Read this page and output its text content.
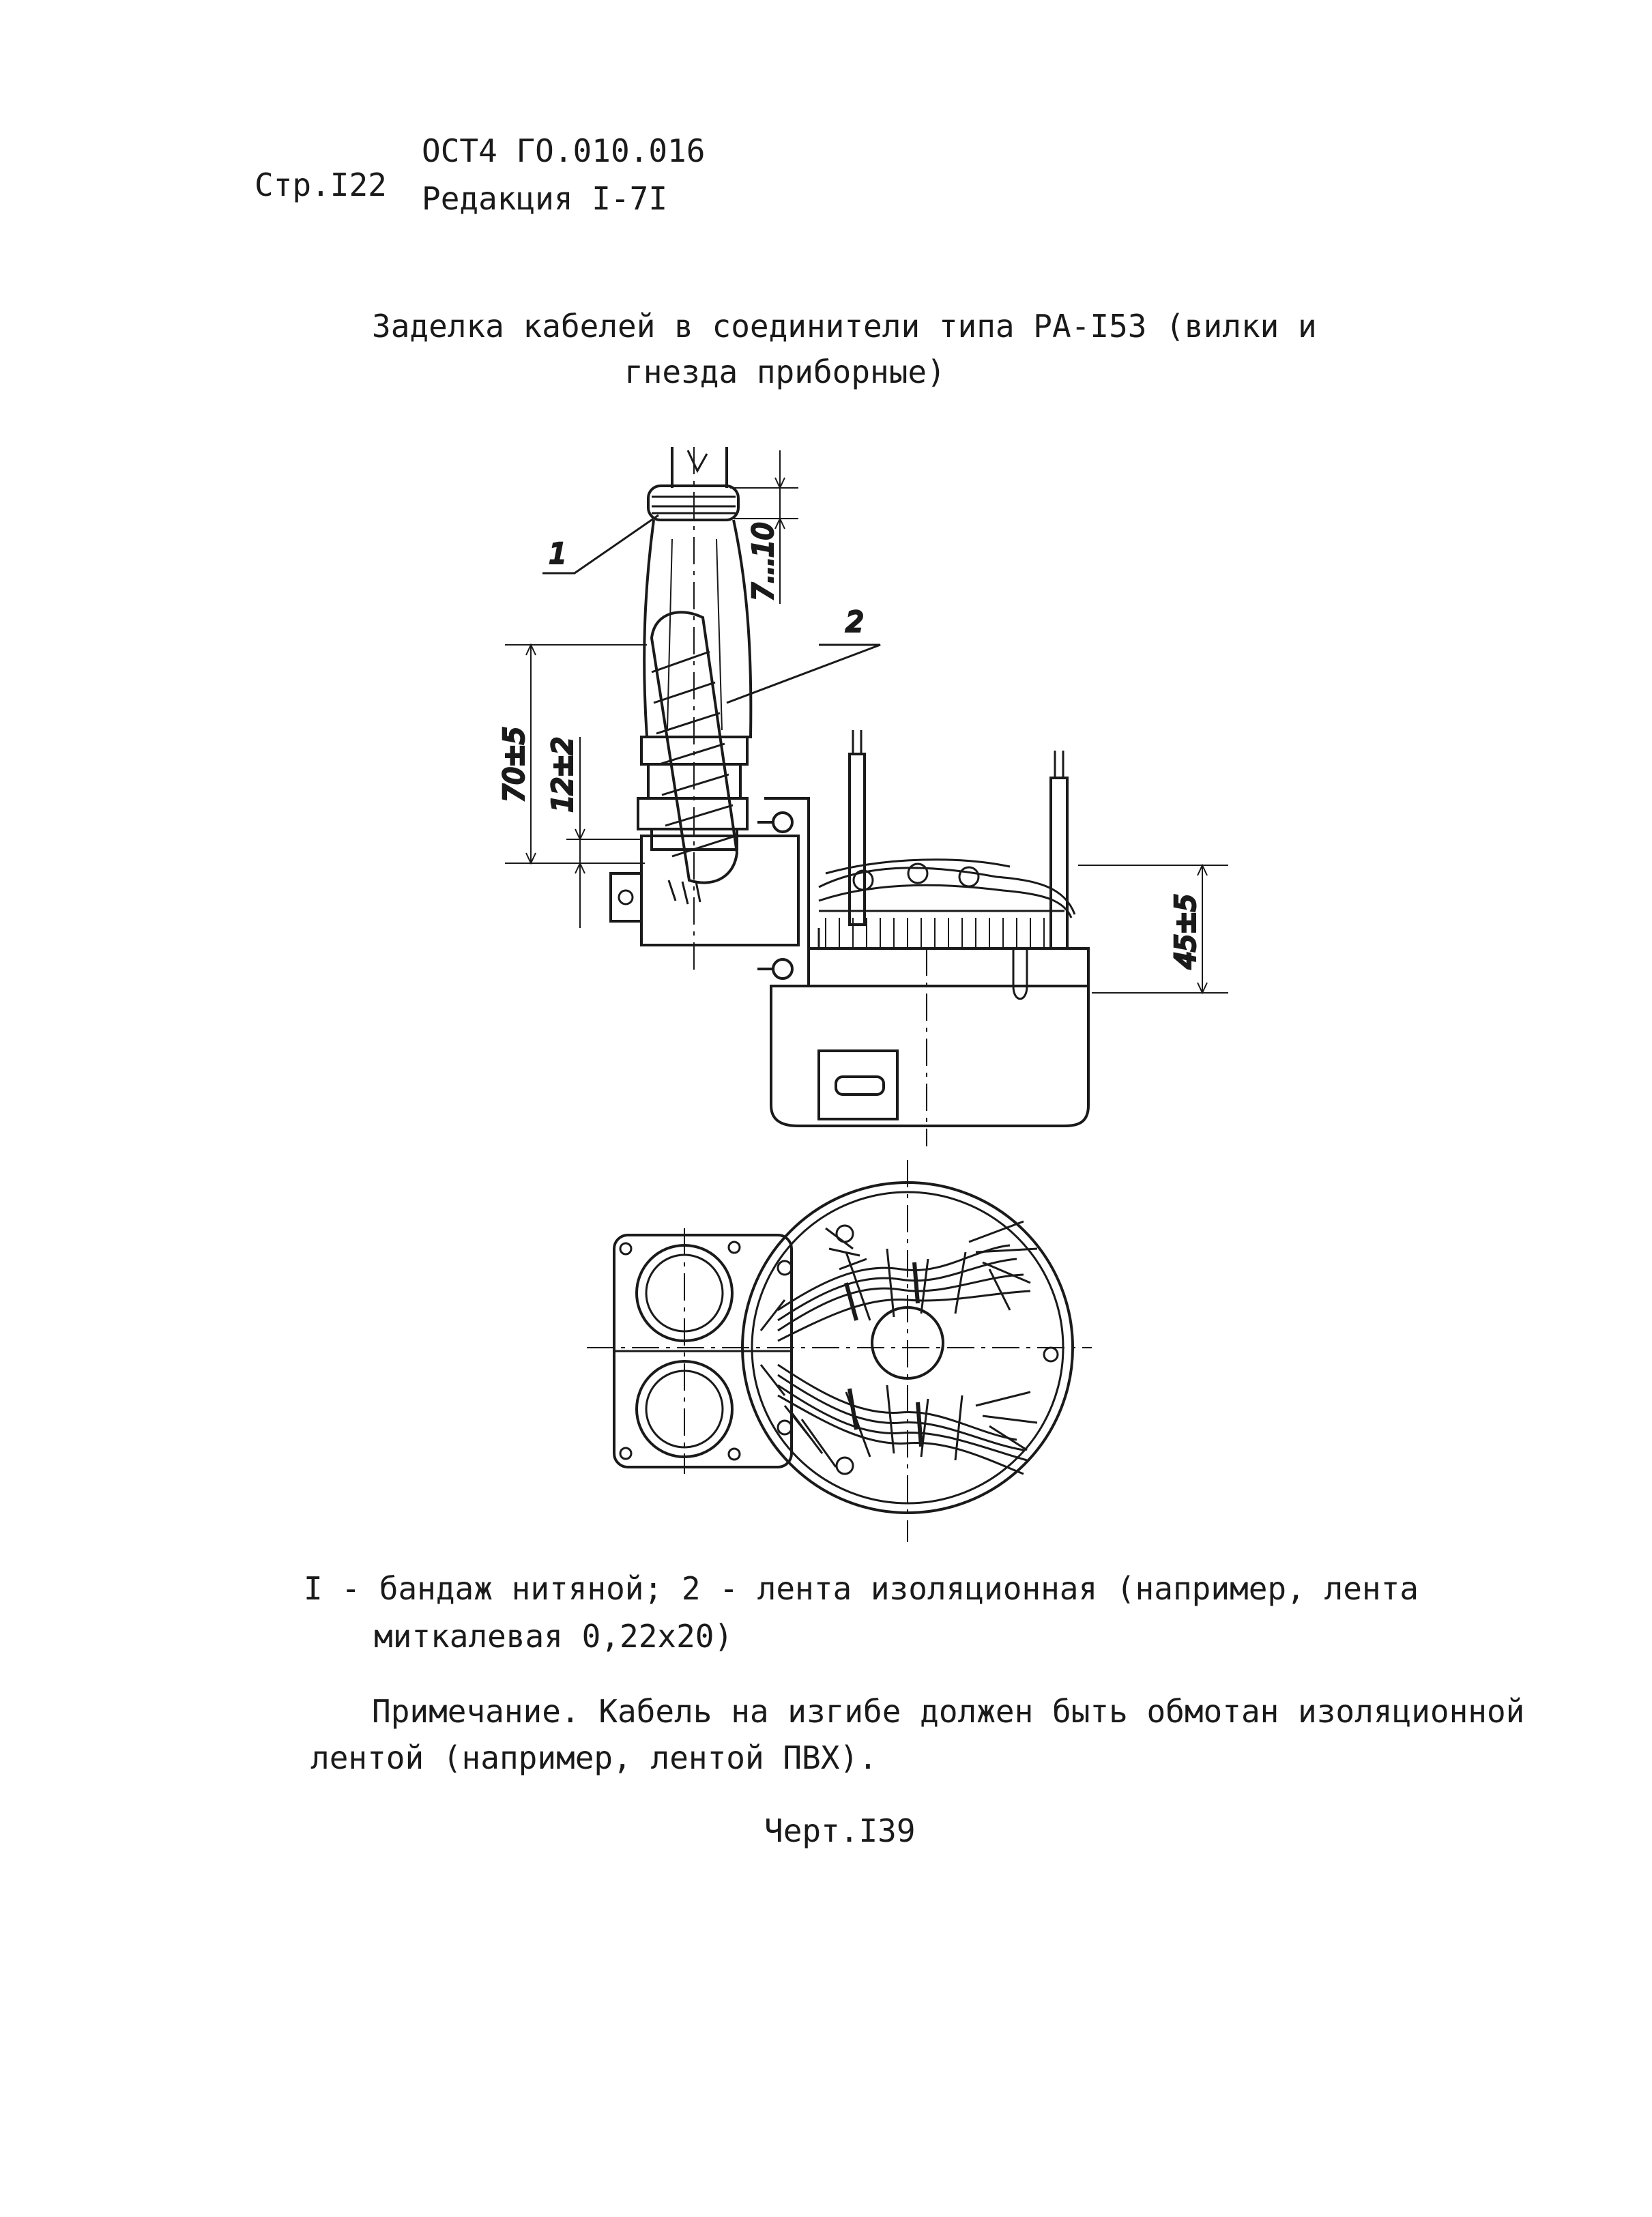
Стр.I22
ОСТ4 ГО.010.016
Редакция I-7I
Заделка кабелей в соединители типа РА-I53 (вилки и
гнезда приборные)
1
2
7...10
70±5 12±2
45±5
I - бандаж нитяной; 2 - лента изоляционная (например, лента
миткалевая 0,22х20)
Примечание. Кабель на изгибе должен быть обмотан изоляционной
лентой (например, лентой ПВХ).
Черт.I39
